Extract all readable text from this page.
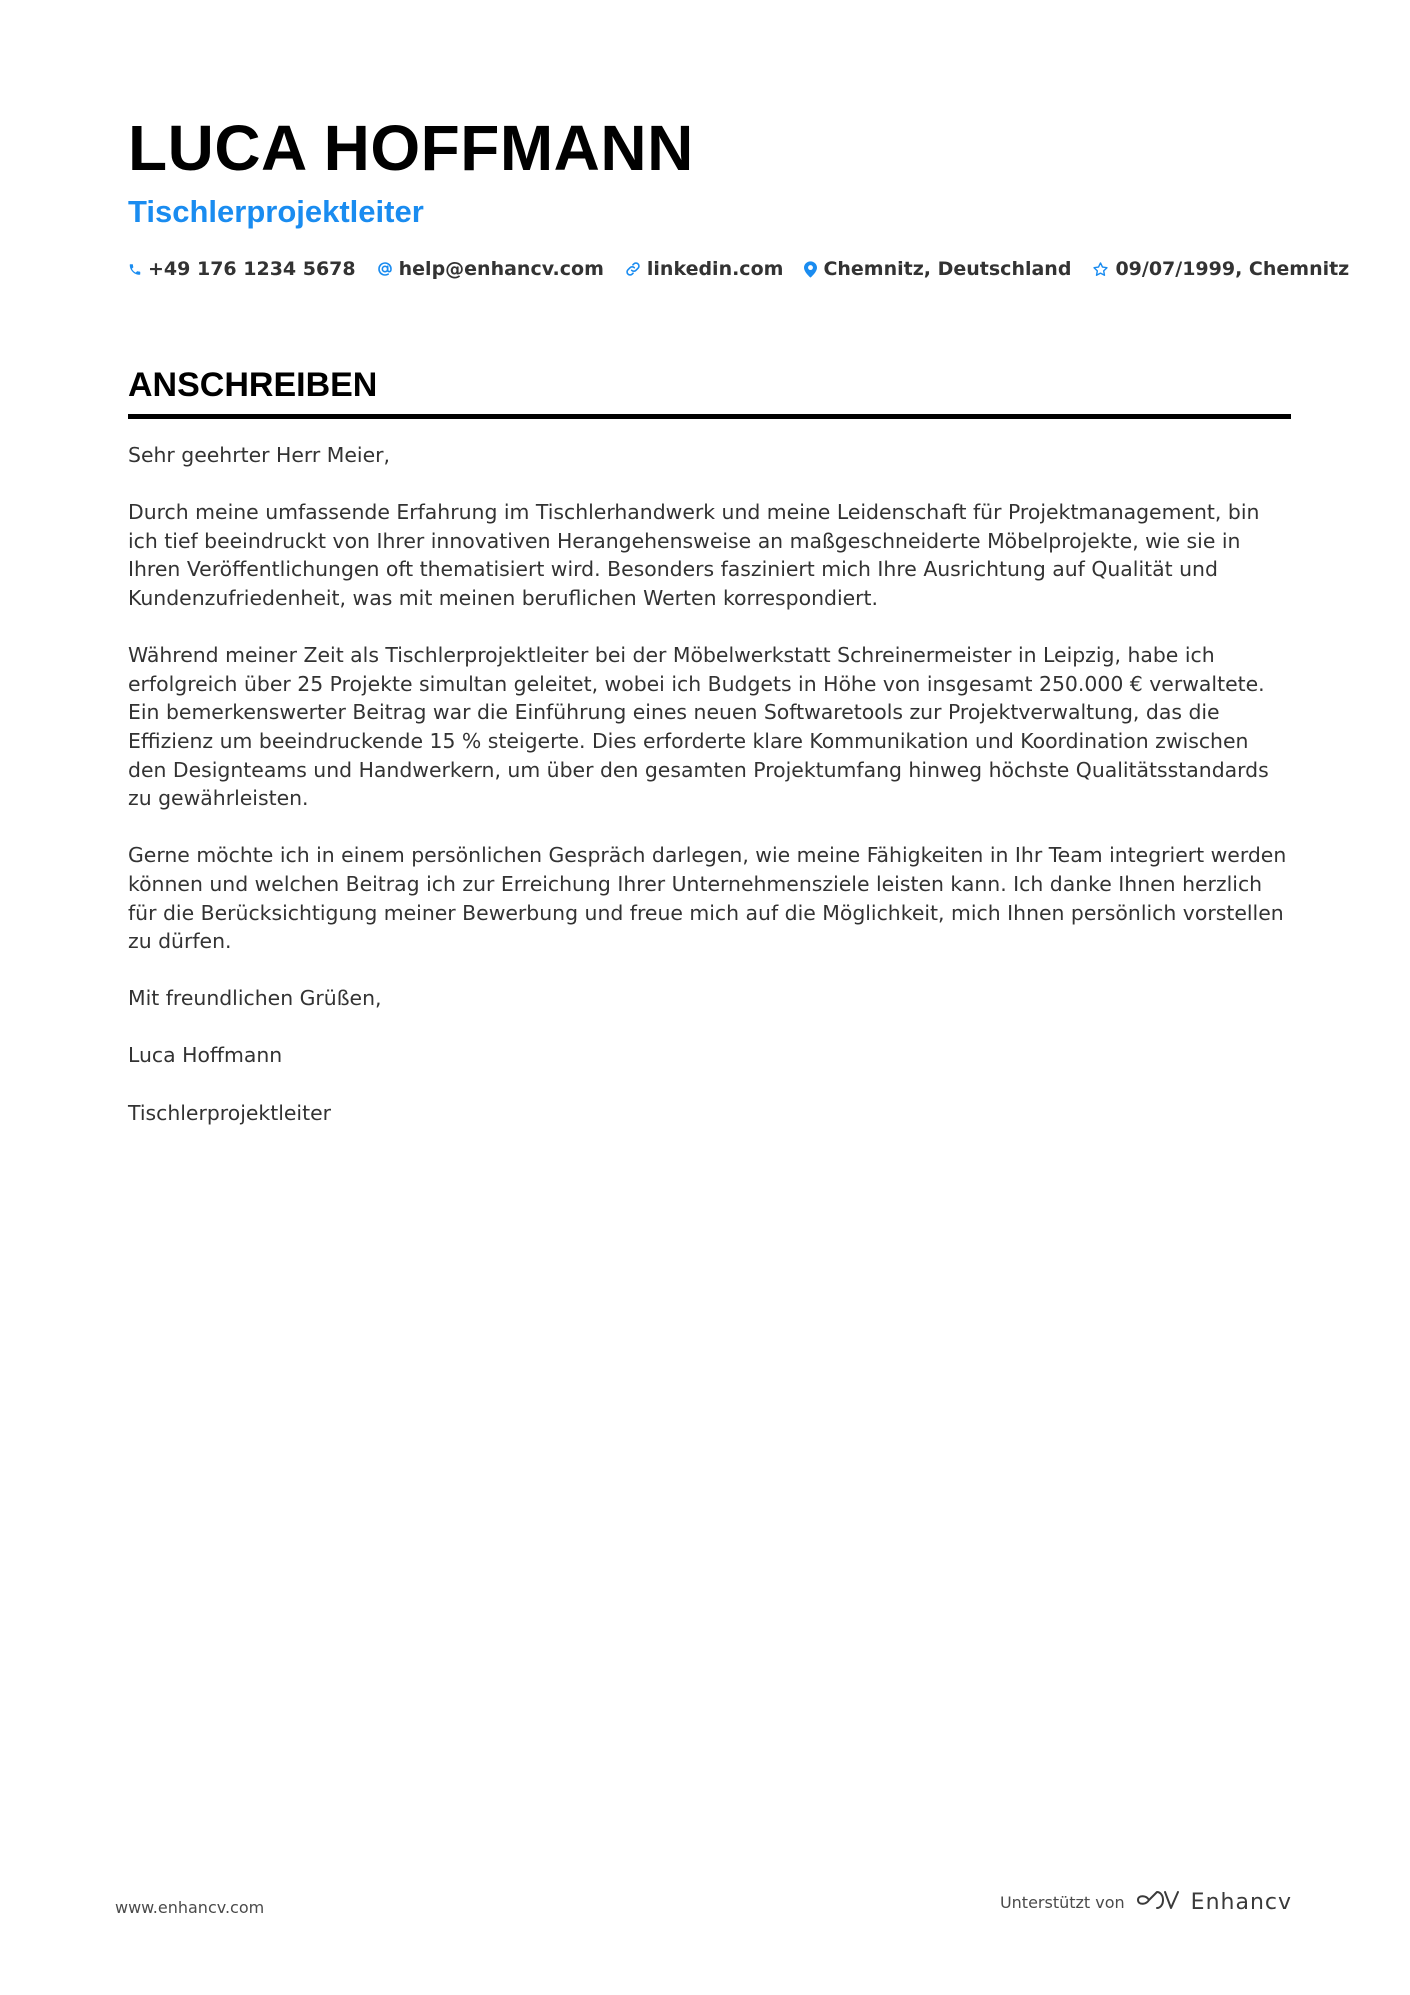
LUCA HOFFMANN
Tischlerprojektleiter
+49 176 1234 5678 help@enhancv.com linkedin.com Chemnitz, Deutschland 09/07/1999, Chemnitz
ANSCHREIBEN

Sehr geehrter Herr Meier,

Durch meine umfassende Erfahrung im Tischlerhandwerk und meine Leidenschaft für Projektmanagement, bin ich tief beeindruckt von Ihrer innovativen Herangehensweise an maßgeschneiderte Möbelprojekte, wie sie in Ihren Veröffentlichungen oft thematisiert wird. Besonders fasziniert mich Ihre Ausrichtung auf Qualität und Kundenzufriedenheit, was mit meinen beruflichen Werten korrespondiert.

Während meiner Zeit als Tischlerprojektleiter bei der Möbelwerkstatt Schreinermeister in Leipzig, habe ich erfolgreich über 25 Projekte simultan geleitet, wobei ich Budgets in Höhe von insgesamt 250.000 € verwaltete. Ein bemerkenswerter Beitrag war die Einführung eines neuen Softwaretools zur Projektverwaltung, das die Effizienz um beeindruckende 15 % steigerte. Dies erforderte klare Kommunikation und Koordination zwischen den Designteams und Handwerkern, um über den gesamten Projektumfang hinweg höchste Qualitätsstandards zu gewährleisten.

Gerne möchte ich in einem persönlichen Gespräch darlegen, wie meine Fähigkeiten in Ihr Team integriert werden können und welchen Beitrag ich zur Erreichung Ihrer Unternehmensziele leisten kann. Ich danke Ihnen herzlich für die Berücksichtigung meiner Bewerbung und freue mich auf die Möglichkeit, mich Ihnen persönlich vorstellen zu dürfen.

Mit freundlichen Grüßen,

Luca Hoffmann

Tischlerprojektleiter

www.enhancv.com	Unterstützt von	Enhancv
